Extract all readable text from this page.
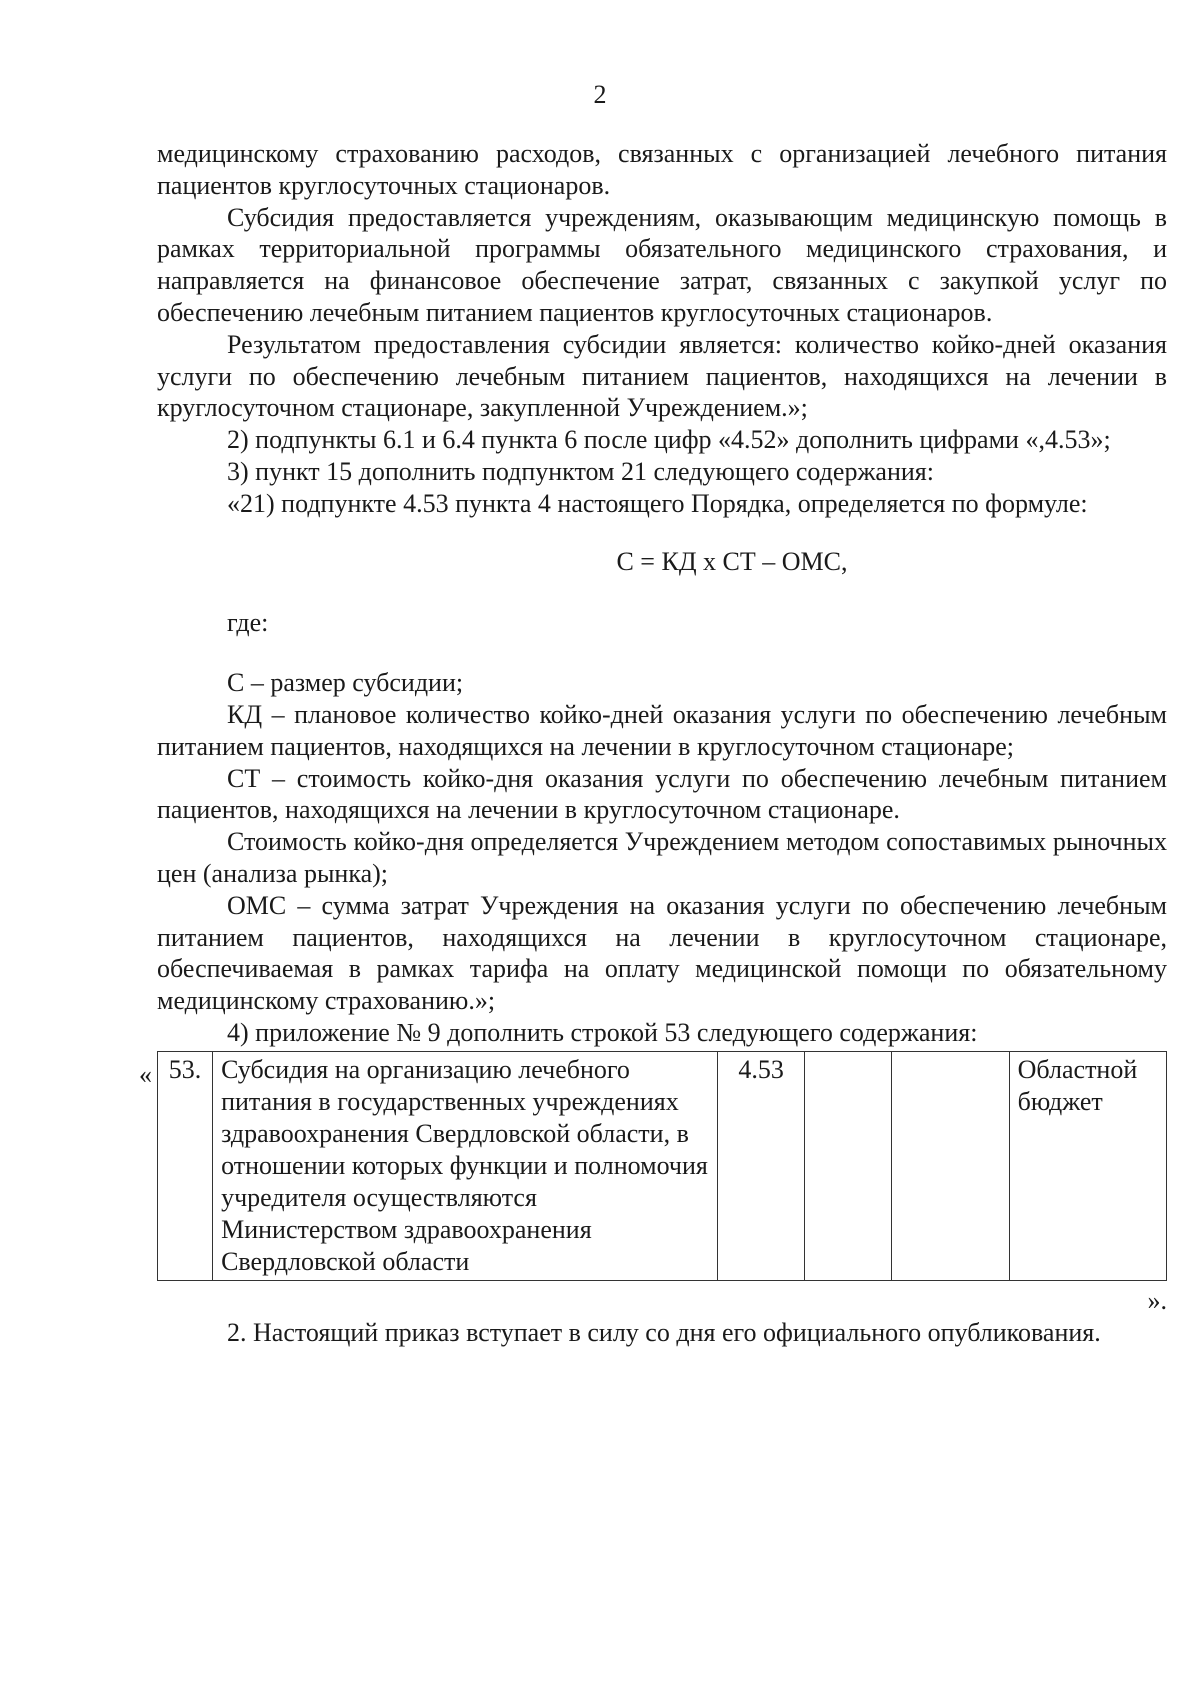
2

медицинскому страхованию расходов, связанных с организацией лечебного питания пациентов круглосуточных стационаров.

Субсидия предоставляется учреждениям, оказывающим медицинскую помощь в рамках территориальной программы обязательного медицинского страхования, и направляется на финансовое обеспечение затрат, связанных с закупкой услуг по обеспечению лечебным питанием пациентов круглосуточных стационаров.

Результатом предоставления субсидии является: количество койко-дней оказания услуги по обеспечению лечебным питанием пациентов, находящихся на лечении в круглосуточном стационаре, закупленной Учреждением.»;

2) подпункты 6.1 и 6.4 пункта 6 после цифр «4.52» дополнить цифрами «,4.53»;

3) пункт 15 дополнить подпунктом 21 следующего содержания:

«21) подпункте 4.53 пункта 4 настоящего Порядка, определяется по формуле:

С = КД х СТ – ОМС,

где:

С – размер субсидии;

КД – плановое количество койко-дней оказания услуги по обеспечению лечебным питанием пациентов, находящихся на лечении в круглосуточном стационаре;

СТ – стоимость койко-дня оказания услуги по обеспечению лечебным питанием пациентов, находящихся на лечении в круглосуточном стационаре.

Стоимость койко-дня определяется Учреждением методом сопоставимых рыночных цен (анализа рынка);

ОМС – сумма затрат Учреждения на оказания услуги по обеспечению лечебным питанием пациентов, находящихся на лечении в круглосуточном стационаре, обеспечиваемая в рамках тарифа на оплату медицинской помощи по обязательному медицинскому страхованию.»;

4) приложение № 9 дополнить строкой 53 следующего содержания:

« 53.	Субсидия на организацию лечебного питания в государственных учреждениях здравоохранения Свердловской области, в отношении которых функции и полномочия учредителя осуществляются Министерством здравоохранения Свердловской области	4.53			Областной бюджет

».

2. Настоящий приказ вступает в силу со дня его официального опубликования.
